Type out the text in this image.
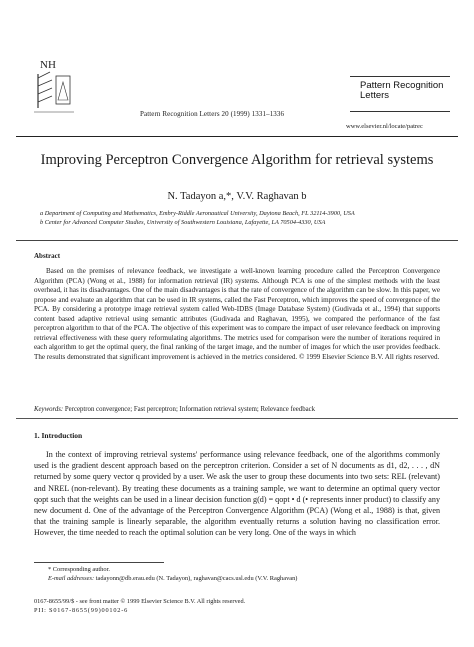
NH
Pattern Recognition Letters 20 (1999) 1331–1336
Pattern Recognition
Letters
www.elsevier.nl/locate/patrec
Improving Perceptron Convergence Algorithm for retrieval systems
N. Tadayon a,*, V.V. Raghavan b
a Department of Computing and Mathematics, Embry-Riddle Aeronautical University, Daytona Beach, FL 32114-3900, USA
b Center for Advanced Computer Studies, University of Southwestern Louisiana, Lafayette, LA 70504-4330, USA
Abstract

Based on the premises of relevance feedback, we investigate a well-known learning procedure called the Perceptron Convergence Algorithm (PCA) (Wong et al., 1988) for information retrieval (IR) systems. Although PCA is one of the simplest methods with the least overhead, it has its disadvantages. One of the main disadvantages is that the rate of convergence of the algorithm can be slow. In this paper, we propose and evaluate an algorithm that can be used in IR systems, called the Fast Perceptron, which improves the speed of convergence of the PCA. By considering a prototype image retrieval system called Web-IDBS (Image Database System) (Gudivada et al., 1994) that supports content based adaptive retrieval using semantic attributes (Gudivada and Raghavan, 1995), we compared the performance of the fast perceptron algorithm to that of the PCA. The objective of this experiment was to compare the impact of user relevance feedback on improving retrieval effectiveness with these query reformulating algorithms. The metrics used for comparison were the number of iterations required in each algorithm to get the optimal query, the final ranking of the target image, and the number of images for which the user provides feedback. The results demonstrated that significant improvement is achieved in the metrics considered. © 1999 Elsevier Science B.V. All rights reserved.

Keywords: Perceptron convergence; Fast perceptron; Information retrieval system; Relevance feedback
1. Introduction

In the context of improving retrieval systems' performance using relevance feedback, one of the algorithms commonly used is the gradient descent approach based on the perceptron criterion. Consider a set of N documents as d1, d2, . . . , dN returned by some query vector q provided by a user. We ask the user to group these documents into two sets: REL (relevant) and NREL (non-relevant). By treating these documents as a training sample, we want to determine an optimal query vector qopt such that the weights can be used in a linear decision function g(d) = qopt • d (• represents inner product) to classify any new document d. One of the advantage of the Perceptron Convergence Algorithm (PCA) (Wong et al., 1988) is that, given that the training sample is linearly separable, the algorithm eventually returns a solution having no classification error. However, the time needed to reach the optimal solution can be very long. One of the ways in which

* Corresponding author.
E-mail addresses: tadayonn@db.erau.edu (N. Tadayon), raghavan@cacs.usl.edu (V.V. Raghavan)
0167-8655/99/$ - see front matter © 1999 Elsevier Science B.V. All rights reserved.
PII: S0167-8655(99)00102-6
